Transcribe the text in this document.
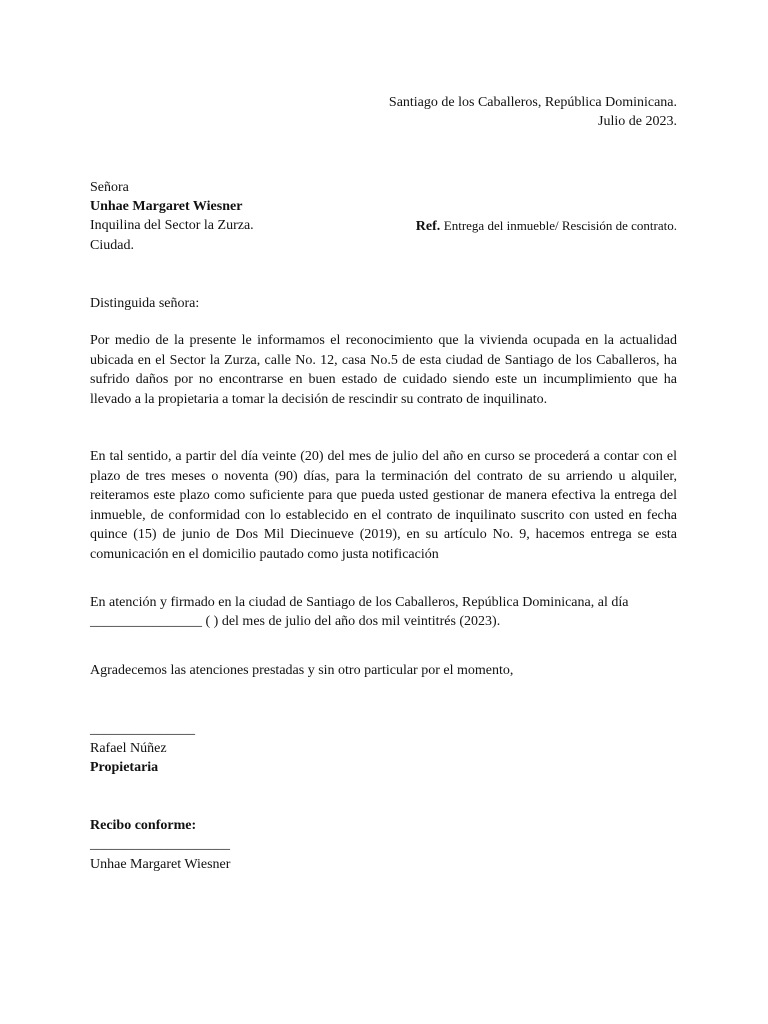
Santiago de los Caballeros, República Dominicana.

Julio de 2023.

Señora

Unhae Margaret Wiesner

Inquilina del Sector la Zurza.	Ref. Entrega del inmueble/ Rescisión de contrato.

Ciudad.

Distinguida señora:

Por medio de la presente le informamos el reconocimiento que la vivienda ocupada en la actualidad ubicada en el Sector la Zurza, calle No. 12, casa No.5 de esta ciudad de Santiago de los Caballeros, ha sufrido daños por no encontrarse en buen estado de cuidado siendo este un incumplimiento que ha llevado a la propietaria a tomar la decisión de rescindir su contrato de inquilinato.

En tal sentido, a partir del día veinte (20) del mes de julio del año en curso se procederá a contar con el plazo de tres meses o noventa (90) días, para la terminación del contrato de su arriendo u alquiler, reiteramos este plazo como suficiente para que pueda usted gestionar de manera efectiva la entrega del inmueble, de conformidad con lo establecido en el contrato de inquilinato suscrito con usted en fecha quince (15) de junio de Dos Mil Diecinueve (2019), en su artículo No. 9, hacemos entrega se esta comunicación en el domicilio pautado como justa notificación

En atención y firmado en la ciudad de Santiago de los Caballeros, República Dominicana, al día

________________ ( ) del mes de julio del año dos mil veintitrés (2023).

Agradecemos las atenciones prestadas y sin otro particular por el momento,

_______________

Rafael Núñez

Propietaria

Recibo conforme:

____________________

Unhae Margaret Wiesner
